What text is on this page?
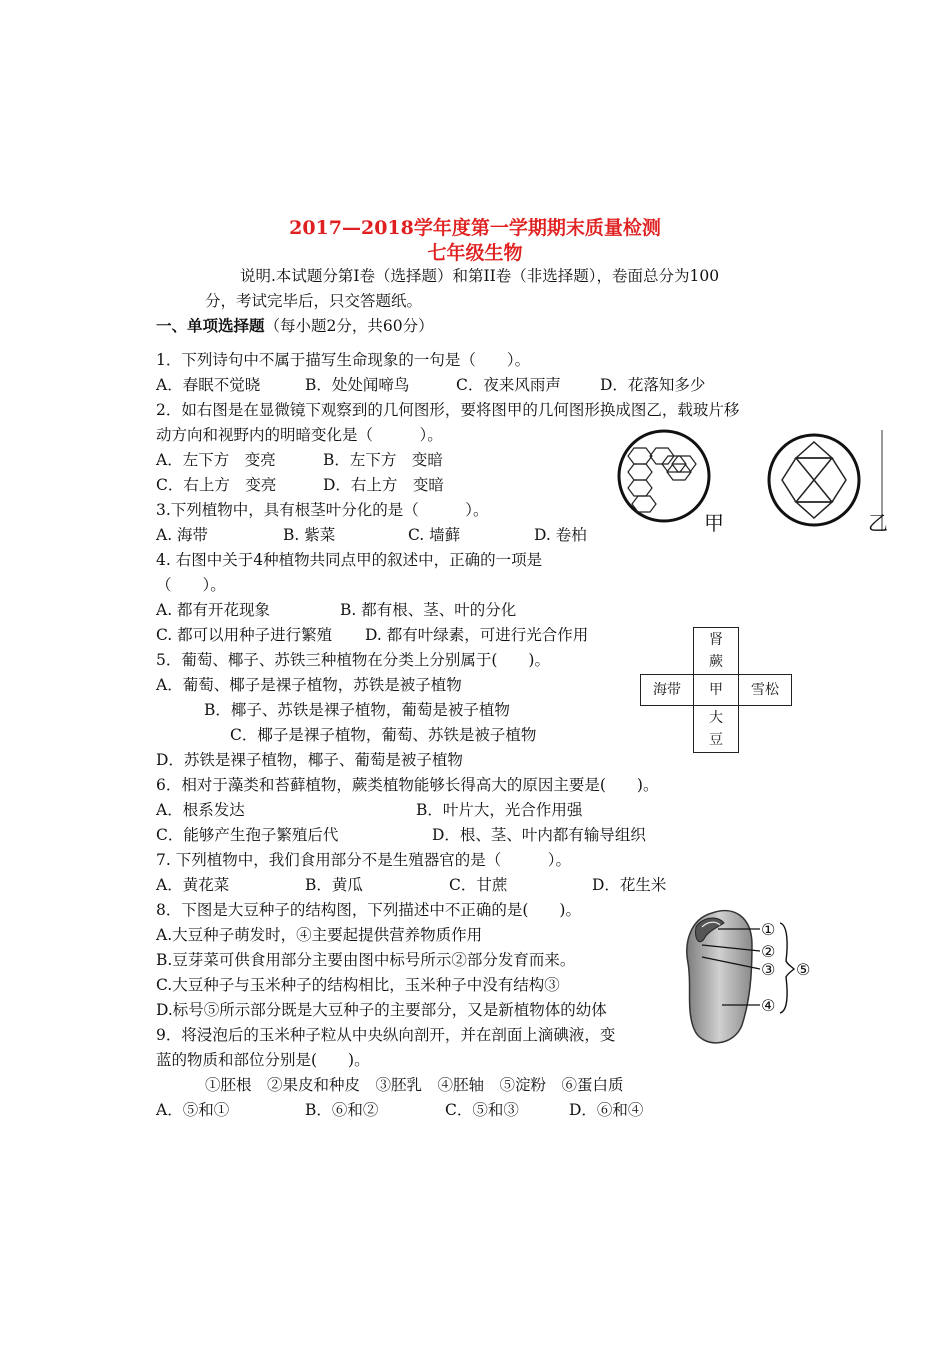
2017—2018学年度第一学期期末质量检测
七年级生物
说明.本试题分第I卷（选择题）和第II卷（非选择题），卷面总分为100
分，考试完毕后，只交答题纸。
一、单项选择题（每小题2分，共60分）
1．下列诗句中不属于描写生命现象的一句是（　　）。
A．春眠不觉晓	B．处处闻啼鸟	C．夜来风雨声	D．花落知多少
2．如右图是在显微镜下观察到的几何图形，要将图甲的几何图形换成图乙，载玻片移
动方向和视野内的明暗变化是（　　　）。
A．左下方　变亮	B．左下方　变暗
C．右上方　变亮	D．右上方　变暗
甲	乙
3.下列植物中，具有根茎叶分化的是（　　　）。
A. 海带	B. 紫菜	C. 墙藓	D. 卷柏
4. 右图中关于4种植物共同点甲的叙述中，正确的一项是
（　　）。
A. 都有开花现象	B. 都有根、茎、叶的分化
C. 都可以用种子进行繁殖 D. 都有叶绿素，可进行光合作用	肾蕨
海带	甲	雪松
大豆
5．葡萄、椰子、苏铁三种植物在分类上分别属于(　　)。
A．葡萄、椰子是裸子植物，苏铁是被子植物
B．椰子、苏铁是裸子植物，葡萄是被子植物
C．椰子是裸子植物，葡萄、苏铁是被子植物
D．苏铁是裸子植物，椰子、葡萄是被子植物
6．相对于藻类和苔藓植物，蕨类植物能够长得高大的原因主要是(　　)。
A．根系发达	B．叶片大，光合作用强
C．能够产生孢子繁殖后代	D．根、茎、叶内都有输导组织
7. 下列植物中，我们食用部分不是生殖器官的是（　　　）。
A．黄花菜	B．黄瓜	C．甘蔗	D．花生米
8．下图是大豆种子的结构图，下列描述中不正确的是(　　)。
A.大豆种子萌发时，④主要起提供营养物质作用
B.豆芽菜可供食用部分主要由图中标号所示②部分发育而来。
C.大豆种子与玉米种子的结构相比，玉米种子中没有结构③
D.标号⑤所示部分既是大豆种子的主要部分，又是新植物体的幼体
①
②
③
④
⑤
9．将浸泡后的玉米种子粒从中央纵向剖开，并在剖面上滴碘液，变
蓝的物质和部位分别是(　　)。
①胚根　②果皮和种皮　③胚乳　④胚轴　⑤淀粉　⑥蛋白质
A．⑤和①	B．⑥和②	C．⑤和③	D．⑥和④
